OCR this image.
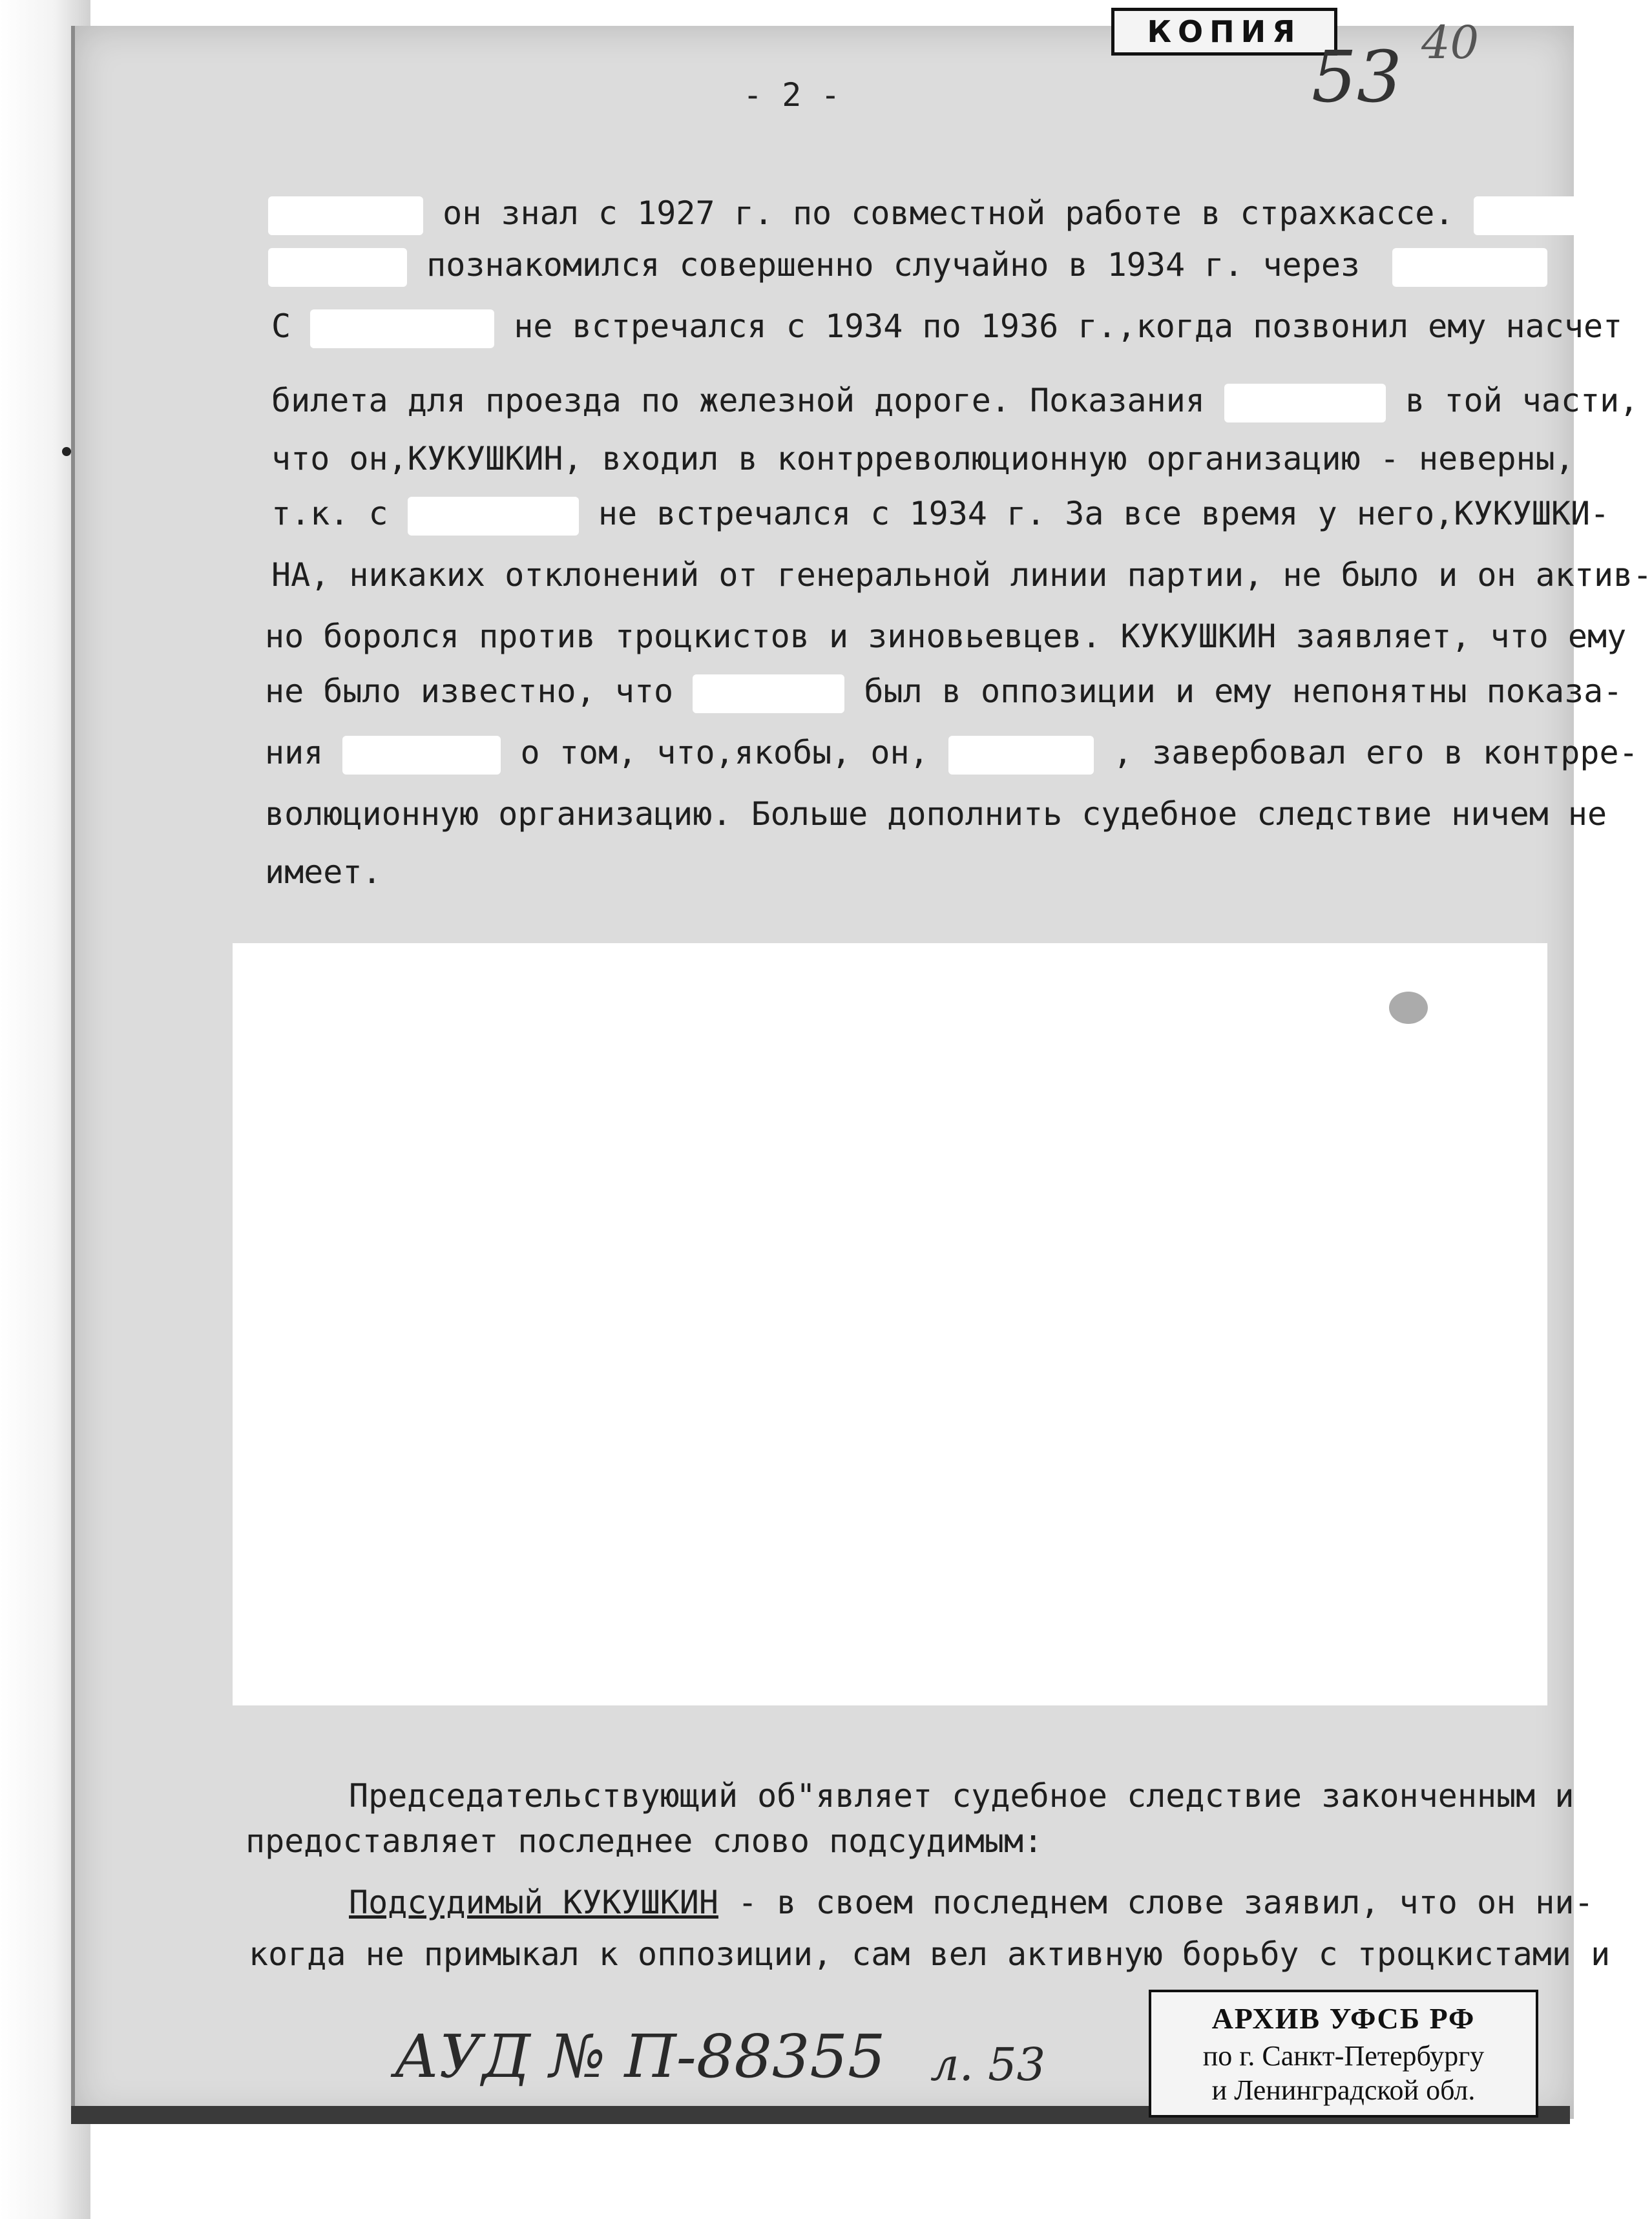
КОПИЯ
53 40
- 2 -
он знал с 1927 г. по совместной работе в страхкассе.
познакомился совершенно случайно в 1934 г. через
С	не встречался с 1934 по 1936 г.,когда позвонил ему насчет
билета для проезда по железной дороге. Показания	в той части,
что он,КУКУШКИН, входил в контрреволюционную организацию - неверны,
т.к. с	не встречался с 1934 г. За все время у него,КУКУШКИ-
НА, никаких отклонений от генеральной линии партии, не было и он актив-
но боролся против троцкистов и зиновьевцев. КУКУШКИН заявляет, что ему
не было известно, что	был в оппозиции и ему непонятны показа-
ния	о том, что,якобы, он,	, завербовал его в контрре-
волюционную организацию. Больше дополнить судебное следствие ничем не
имеет.
Председательствующий об"являет судебное следствие законченным и
предоставляет последнее слово подсудимым:
Подсудимый КУКУШКИН - в своем последнем слове заявил, что он ни-
когда не примыкал к оппозиции, сам вел активную борьбу с троцкистами и
АУД № П-88355 л. 53
АРХИВ УФСБ РФ
по г. Санкт-Петербургу
и Ленинградской обл.
